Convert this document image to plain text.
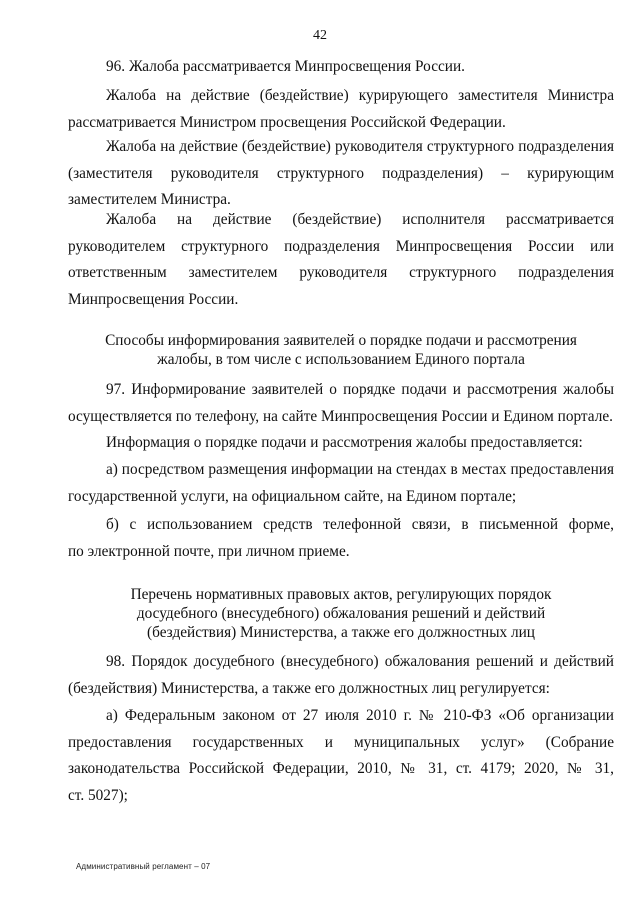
42
96. Жалоба рассматривается Минпросвещения России.
Жалоба на действие (бездействие) курирующего заместителя Министра
рассматривается Министром просвещения Российской Федерации.
Жалоба на действие (бездействие) руководителя структурного подразделения
(заместителя руководителя структурного подразделения) – курирующим
заместителем Министра.
Жалоба на действие (бездействие) исполнителя рассматривается
руководителем структурного подразделения Минпросвещения России или
ответственным заместителем руководителя структурного подразделения
Минпросвещения России.
Способы информирования заявителей о порядке подачи и рассмотрения
жалобы, в том числе с использованием Единого портала
97. Информирование заявителей о порядке подачи и рассмотрения жалобы
осуществляется по телефону, на сайте Минпросвещения России и Едином портале.
Информация о порядке подачи и рассмотрения жалобы предоставляется:
а) посредством размещения информации на стендах в местах предоставления
государственной услуги, на официальном сайте, на Едином портале;
б) с использованием средств телефонной связи, в письменной форме,
по электронной почте, при личном приеме.
Перечень нормативных правовых актов, регулирующих порядок
досудебного (внесудебного) обжалования решений и действий
(бездействия) Министерства, а также его должностных лиц
98. Порядок досудебного (внесудебного) обжалования решений и действий
(бездействия) Министерства, а также его должностных лиц регулируется:
а) Федеральным законом от 27 июля 2010 г. № 210-ФЗ «Об организации
предоставления государственных и муниципальных услуг» (Собрание
законодательства Российской Федерации, 2010, № 31, ст. 4179; 2020, № 31,
ст. 5027);
Административный регламент – 07
